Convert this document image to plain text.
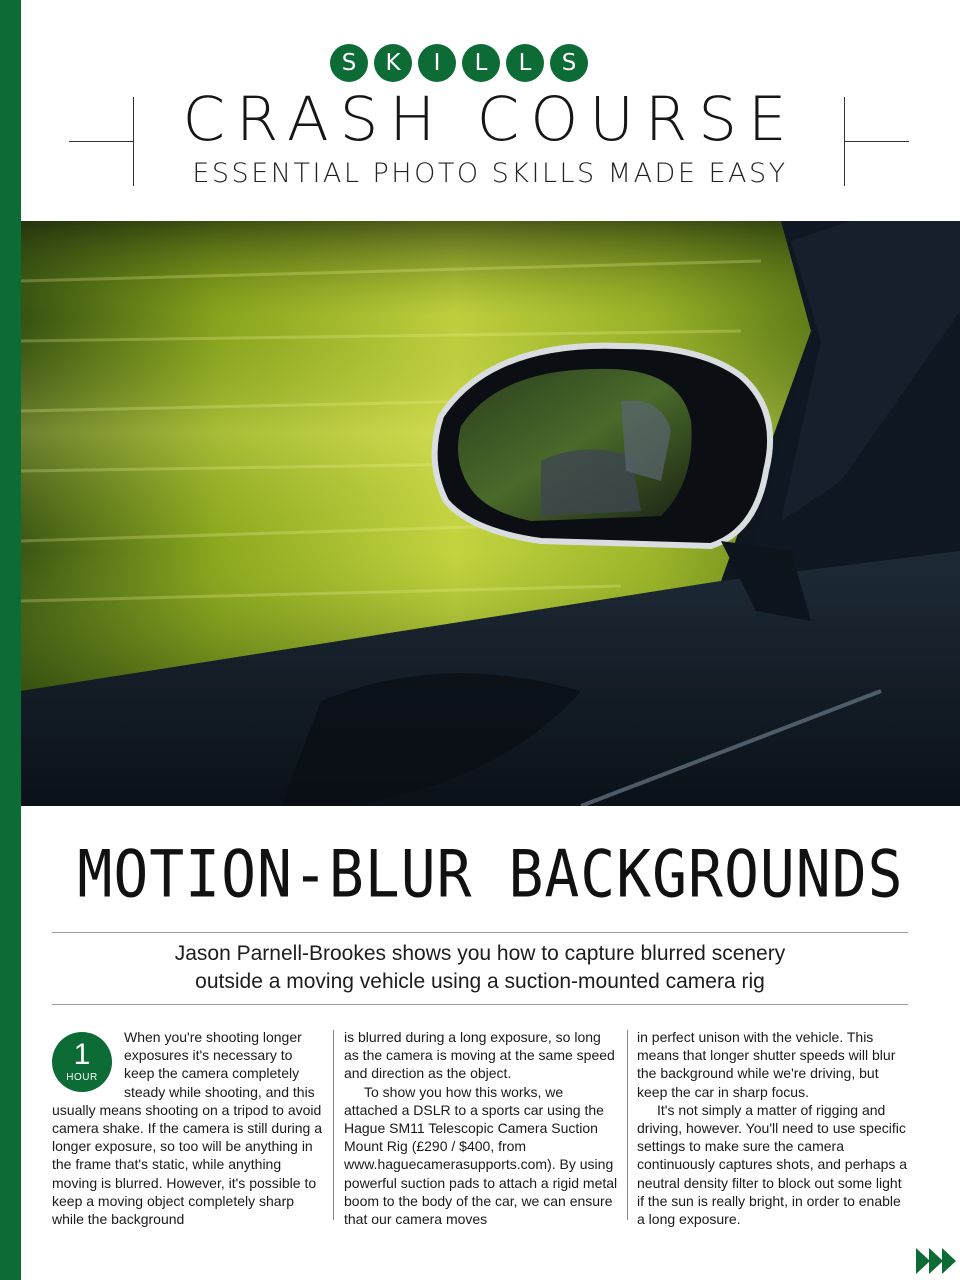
S	K	I	L	L	S
CRASH COURSE
ESSENTIAL PHOTO SKILLS MADE EASY
MOTION-BLUR BACKGROUNDS
Jason Parnell-Brookes shows you how to capture blurred scenery
outside a moving vehicle using a suction-mounted camera rig
1
HOUR

When you're shooting longer exposures it's necessary to keep the camera completely steady while shooting, and this usually means shooting on a tripod to avoid camera shake. If the camera is still during a longer exposure, so too will be anything in the frame that's static, while anything moving is blurred. However, it's possible to keep a moving object completely sharp while the background

is blurred during a long exposure, so long as the camera is moving at the same speed and direction as the object.

To show you how this works, we attached a DSLR to a sports car using the Hague SM11 Telescopic Camera Suction Mount Rig (£290 / $400, from www.haguecamerasupports.com). By using powerful suction pads to attach a rigid metal boom to the body of the car, we can ensure that our camera moves

in perfect unison with the vehicle. This means that longer shutter speeds will blur the background while we're driving, but keep the car in sharp focus.

It's not simply a matter of rigging and driving, however. You'll need to use specific settings to make sure the camera continuously captures shots, and perhaps a neutral density filter to block out some light if the sun is really bright, in order to enable a long exposure.
